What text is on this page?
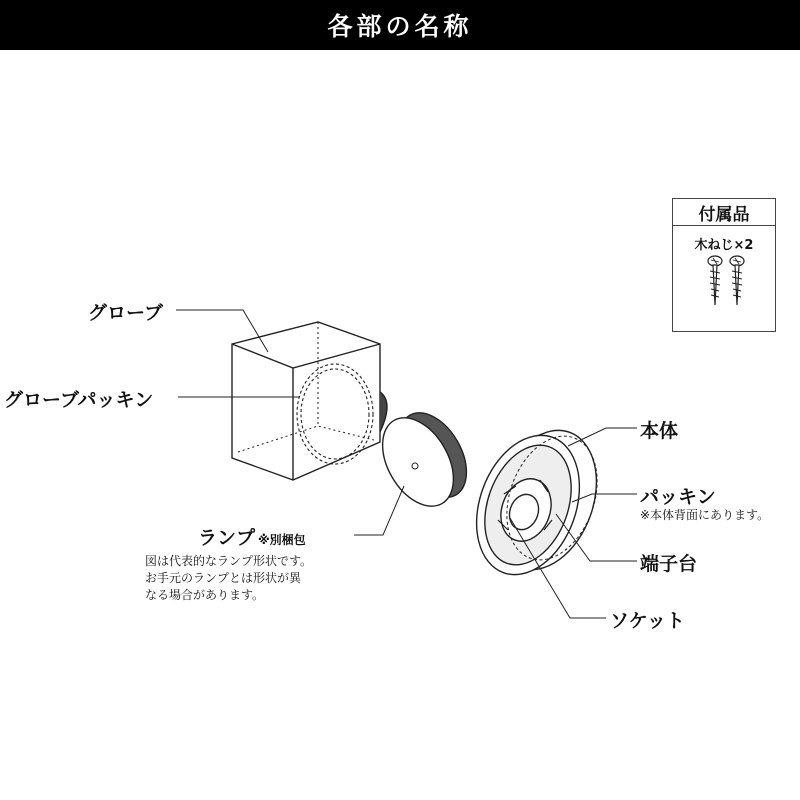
各部の名称
グローブ
グローブパッキン
ランプ ※別梱包
図は代表的なランプ形状です。
お手元のランプとは形状が異
なる場合があります。
本体
パッキン
※本体背面にあります。
端子台
ソケット
付属品
木ねじ×2
